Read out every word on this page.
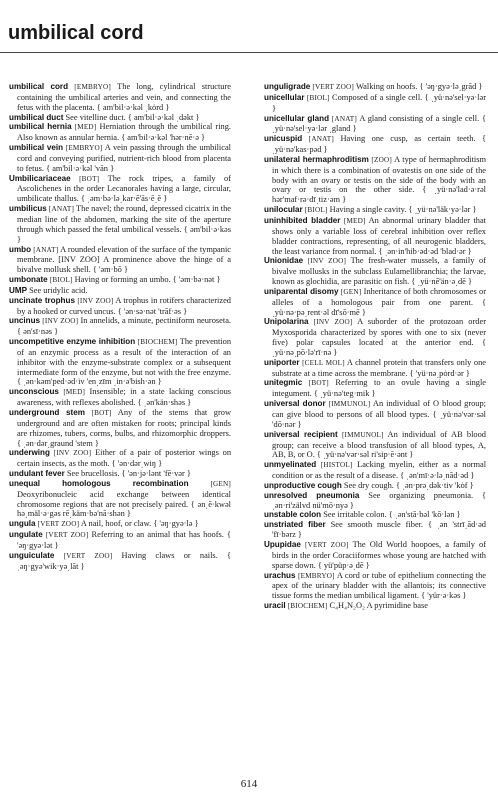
umbilical cord

umbilical cord [EMBRYO] The long, cylindrical structure containing the umbilical arteries and vein, and connecting the fetus with the placenta. { am'bil·ə·kəl ˌkȯrd }

umbilical duct See vitelline duct. { am'bil·ə·kəl ˌdəkt }

umbilical hernia [MED] Herniation through the umbilical ring. Also known as annular hernia. { am'bil·ə·kəl 'hər·nē·ə }

umbilical vein [EMBRYO] A vein passing through the umbilical cord and conveying purified, nutrient-rich blood from placenta to fetus. { am'bil·ə·kəl 'vān }

Umbilicariaceae [BOT] The rock tripes, a family of Ascolichenes in the order Lecanorales having a large, circular, umbilicate thallus. { ˌəm·bə·lə͵kar·ē'ās·ē͵ē }

umbilicus [ANAT] The navel; the round, depressed cicatrix in the median line of the abdomen, marking the site of the aperture through which passed the fetal umbilical vessels. { əm'bil·ə·kəs }

umbo [ANAT] A rounded elevation of the surface of the tympanic membrane. [INV ZOO] A prominence above the hinge of a bivalve mollusk shell. { 'əm·bō }

umbonate [BIOL] Having or forming an umbo. { 'əm·bə·nət }

UMP See uridylic acid.

uncinate trophus [INV ZOO] A trophus in rotifers characterized by a hooked or curved uncus. { 'ən·sə·nət 'trāf·əs }

uncinus [INV ZOO] In annelids, a minute, pectiniform neuroseta. { ən'sī·nəs }

uncompetitive enzyme inhibition [BIOCHEM] The prevention of an enzymic process as a result of the interaction of an inhibitor with the enzyme-substrate complex or a subsequent intermediate form of the enzyme, but not with the free enzyme. { ˌən·kəm'ped·əd·iv 'en͵zīm ͵in·ə'bish·ən }

unconscious [MED] Insensible; in a state lacking conscious awareness, with reflexes abolished. { ˌən'kän·shəs }

underground stem [BOT] Any of the stems that grow underground and are often mistaken for roots; principal kinds are rhizomes, tubers, corms, bulbs, and rhizomorphic droppers. { ˌən·dər͵graund 'stem }

underwing [INV ZOO] Either of a pair of posterior wings on certain insects, as the moth. { 'ən·dər͵wiŋ }

undulant fever See brucellosis. { 'ən·jə·lənt 'fē·vər }

unequal homologous recombination	[GEN] Deoxyribonucleic acid exchange between identical chromosome regions that are not precisely paired. { ənˌē·kwəl hə͵mäl·ə·gəs rē͵käm·bə'nā·shən }

ungula [VERT ZOO] A nail, hoof, or claw. { 'əŋ·gyə·lə }

ungulate [VERT ZOO] Referring to an animal that has hoofs. { 'əŋ·gyə·lət }

unguiculate [VERT ZOO] Having claws or nails. { ˌəŋ·gyə'wik·yə͵lāt }

unguligrade [VERT ZOO] Walking on hoofs. { 'əŋ·gyə·lə͵grād }

unicellular [BIOL] Composed of a single cell. { ͵yü·nə'sel·yə·lər }

unicellular gland [ANAT] A gland consisting of a single cell. { ͵yü·nə'sel·yə·lər ͵gland }

unicuspid [ANAT] Having one cusp, as certain teeth. { ͵yü·nə'kas·pəd }

unilateral hermaphroditism [ZOO] A type of hermaphroditism in which there is a combination of ovatestis on one side of the body with an ovary or testis on the side of the body with an ovary or testis on the other side. { ͵yü·nə'lad·ə·rəl hər'maf·rə·dī͵tiz·əm }

unilocular [BIOL] Having a single cavity. { ͵yü·nə'läk·yə·lər }

uninhibited bladder [MED] An abnormal urinary bladder that shows only a variable loss of cerebral inhibition over reflex bladder contractions, representing, of all neurogenic bladders, the least variance from normal. { ˌən·in'hib·əd·əd 'blad·ər }

Unionidae [INV ZOO] The fresh-water mussels, a family of bivalve mollusks in the subclass Eulamellibranchia; the larvae, known as glochidia, are parasitic on fish. { ͵yü·nē'än·ə͵dē }

uniparental disomy [GEN] Inheritance of both chromosomes or alleles of a homologous pair from one parent. { ͵yü·nə·pə͵rent·əl dī'sō·mē }

Unipolarina [INV ZOO] A suborder of the protozoan order Myxosporida characterized by spores with one to six (never five) polar capsules located at the anterior end. { ͵yü·nə͵pō·lə'rī·nə }

uniporter [CELL MOL] A channel protein that transfers only one substrate at a time across the membrane. { 'yü·nə͵pȯrd·ər }

unitegmic [BOT] Referring to an ovule having a single integument. { ͵yü·nə'teg·mik }

universal donor [IMMUNOL] An individual of O blood group; can give blood to persons of all blood types. { ͵yü·nə'vər·səl 'dō·nər }

universal recipient [IMMUNOL] An individual of AB blood group; can receive a blood transfusion of all blood types, A, AB, B, or O. { ͵yü·nə'vər·səl ri'sip·ē·ənt }

unmyelinated [HISTOL] Lacking myelin, either as a normal condition or as the result of a disease. { ˌən'mī·ə·lə͵nād·əd }

unproductive cough See dry cough. { ˌən·prə͵dək·tiv 'kȯf }

unresolved pneumonia See organizing pneumonia. { ˌən·ri'zälvd nü'mō·nyə }

unstable colon See irritable colon. { ˌən'stā·bəl 'kō·lən }

unstriated fiber See smooth muscle fiber. { ˌən 'strī͵ād·əd 'fī·bərz }

Upupidae [VERT ZOO] The Old World hoopoes, a family of birds in the order Coraciiformes whose young are hatched with sparse down. { yü'püp·ə͵dē }

urachus [EMBRYO] A cord or tube of epithelium connecting the apex of the urinary bladder with the allantois; its connective tissue forms the median umbilical ligament. { 'yür·ə·kəs }

uracil [BIOCHEM] C₄H₄N₂O₂ A pyrimidine base

614
